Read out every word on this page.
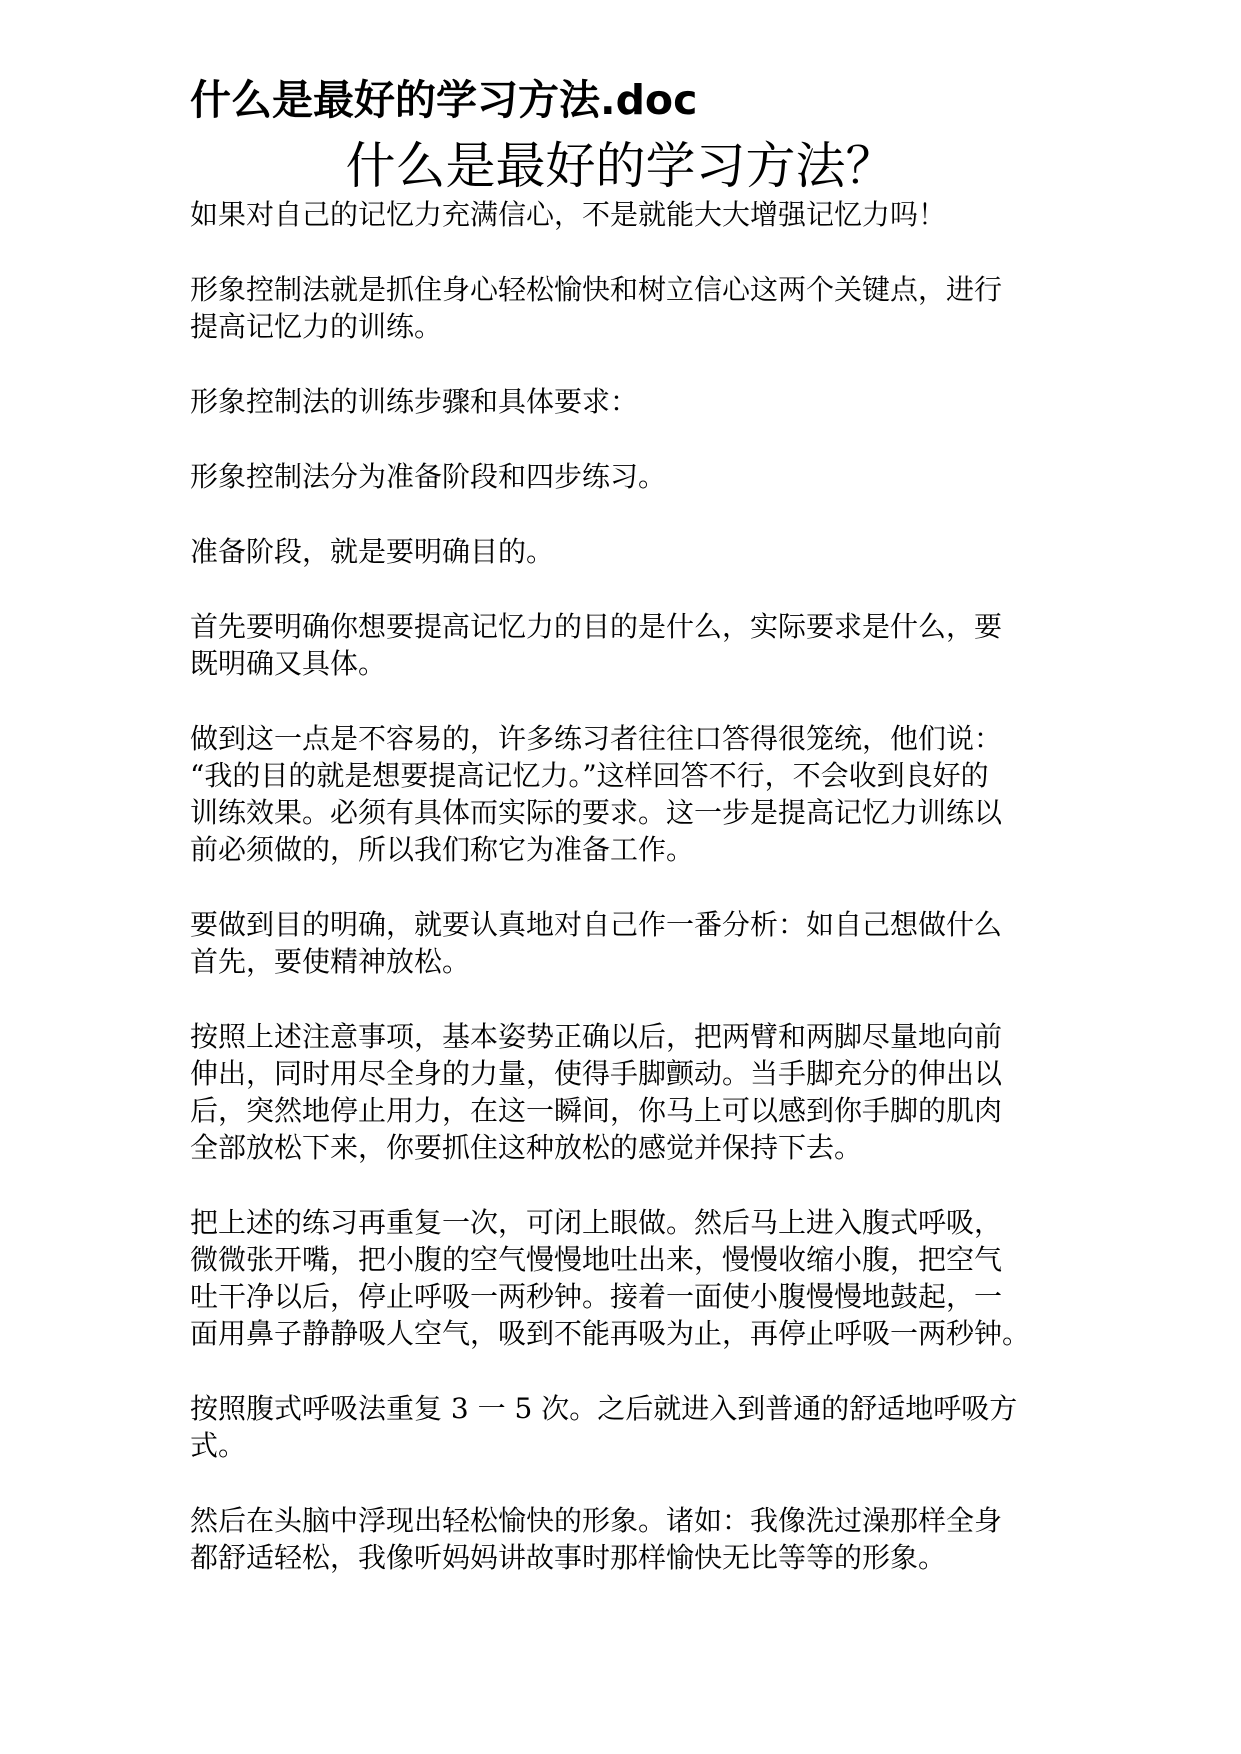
什么是最好的学习方法.doc
什么是最好的学习方法？
如果对自己的记忆力充满信心，不是就能大大增强记忆力吗！
形象控制法就是抓住身心轻松愉快和树立信心这两个关键点，进行
提高记忆力的训练。
形象控制法的训练步骤和具体要求：
形象控制法分为准备阶段和四步练习。
准备阶段，就是要明确目的。
首先要明确你想要提高记忆力的目的是什么，实际要求是什么，要
既明确又具体。
做到这一点是不容易的，许多练习者往往口答得很笼统，他们说：
“我的目的就是想要提高记忆力。”这样回答不行，不会收到良好的
训练效果。必须有具体而实际的要求。这一步是提高记忆力训练以
前必须做的，所以我们称它为准备工作。
要做到目的明确，就要认真地对自己作一番分析：如自己想做什么
首先，要使精神放松。
按照上述注意事项，基本姿势正确以后，把两臂和两脚尽量地向前
伸出，同时用尽全身的力量，使得手脚颤动。当手脚充分的伸出以
后，突然地停止用力，在这一瞬间，你马上可以感到你手脚的肌肉
全部放松下来，你要抓住这种放松的感觉并保持下去。
把上述的练习再重复一次，可闭上眼做。然后马上进入腹式呼吸，
微微张开嘴，把小腹的空气慢慢地吐出来，慢慢收缩小腹，把空气
吐干净以后，停止呼吸一两秒钟。接着一面使小腹慢慢地鼓起，一
面用鼻子静静吸人空气，吸到不能再吸为止，再停止呼吸一两秒钟。
按照腹式呼吸法重复 3 一 5 次。之后就进入到普通的舒适地呼吸方
式。
然后在头脑中浮现出轻松愉快的形象。诸如：我像洗过澡那样全身
都舒适轻松，我像听妈妈讲故事时那样愉快无比等等的形象。
